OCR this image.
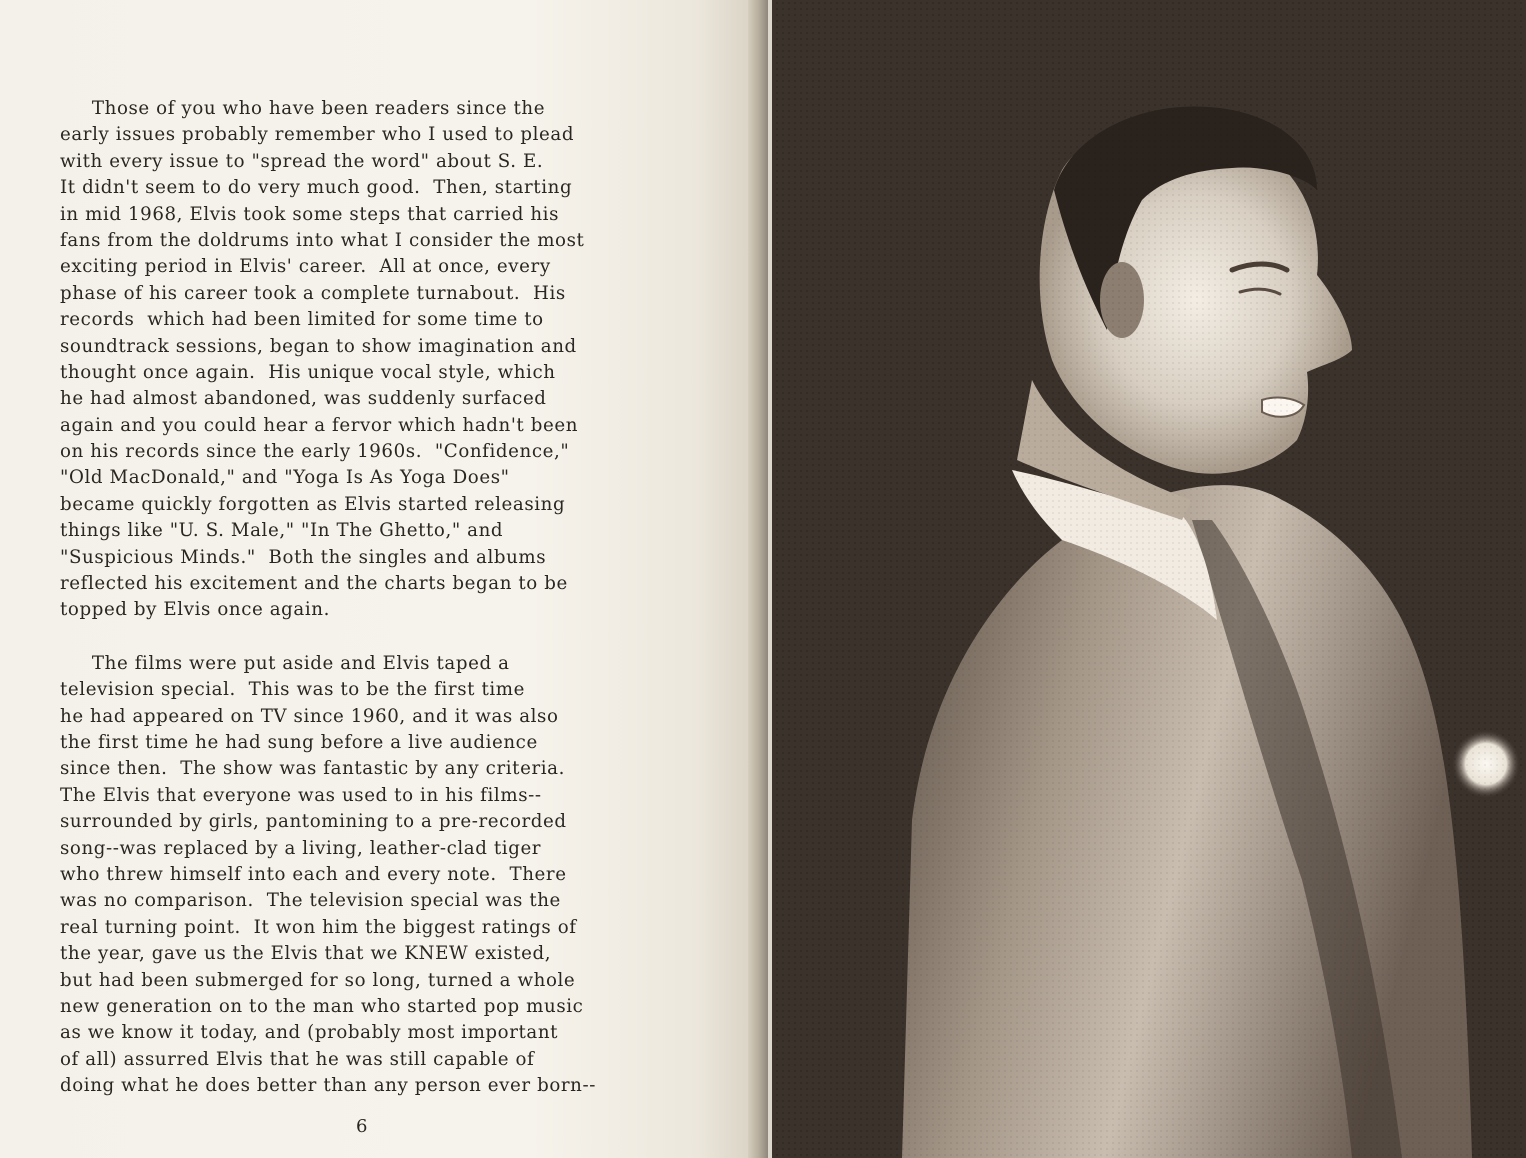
Those of you who have been readers since the
early issues probably remember who I used to plead
with every issue to "spread the word" about S. E.
It didn't seem to do very much good.  Then, starting
in mid 1968, Elvis took some steps that carried his
fans from the doldrums into what I consider the most
exciting period in Elvis' career.  All at once, every
phase of his career took a complete turnabout.  His
records  which had been limited for some time to
soundtrack sessions, began to show imagination and
thought once again.  His unique vocal style, which
he had almost abandoned, was suddenly surfaced
again and you could hear a fervor which hadn't been
on his records since the early 1960s.  "Confidence,"
"Old MacDonald," and "Yoga Is As Yoga Does"
became quickly forgotten as Elvis started releasing
things like "U. S. Male," "In The Ghetto," and
"Suspicious Minds."  Both the singles and albums
reflected his excitement and the charts began to be
topped by Elvis once again.
The films were put aside and Elvis taped a
television special.  This was to be the first time
he had appeared on TV since 1960, and it was also
the first time he had sung before a live audience
since then.  The show was fantastic by any criteria.
The Elvis that everyone was used to in his films--
surrounded by girls, pantomining to a pre-recorded
song--was replaced by a living, leather-clad tiger
who threw himself into each and every note.  There
was no comparison.  The television special was the
real turning point.  It won him the biggest ratings of
the year, gave us the Elvis that we KNEW existed,
but had been submerged for so long, turned a whole
new generation on to the man who started pop music
as we know it today, and (probably most important
of all) assurred Elvis that he was still capable of
doing what he does better than any person ever born--
6
